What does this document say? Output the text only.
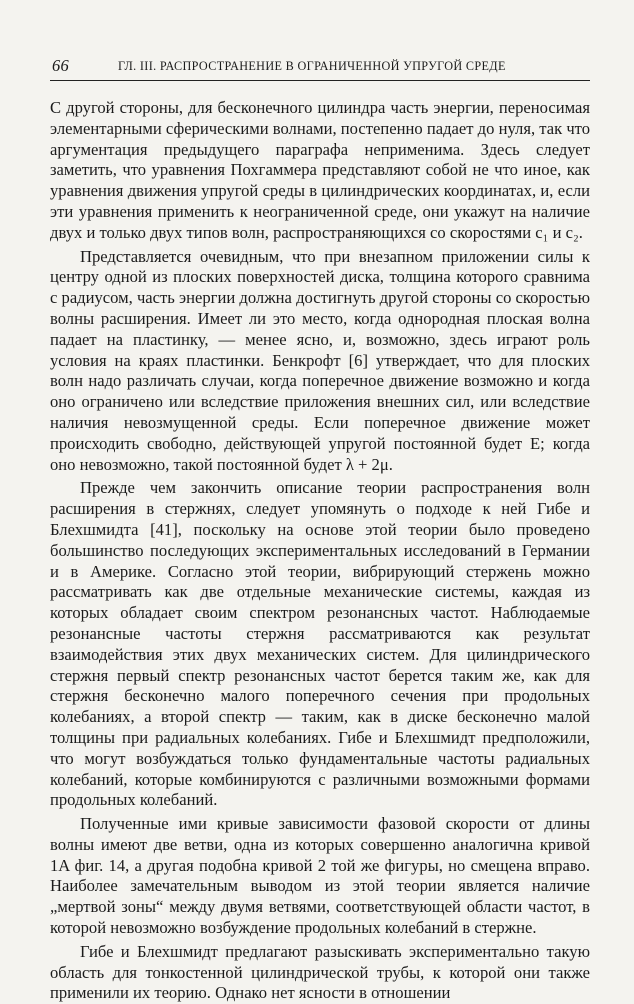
66	ГЛ. III. РАСПРОСТРАНЕНИЕ В ОГРАНИЧЕННОЙ УПРУГОЙ СРЕДЕ

С другой стороны, для бесконечного цилиндра часть энергии, переносимая элементарными сферическими волнами, постепенно падает до нуля, так что аргументация предыдущего параграфа неприменима. Здесь следует заметить, что уравнения Похгаммера представляют собой не что иное, как уравнения движения упругой среды в цилиндрических координатах, и, если эти уравнения применить к неограниченной среде, они укажут на наличие двух и только двух типов волн, распространяющихся со скоростями c₁ и c₂.

Представляется очевидным, что при внезапном приложении силы к центру одной из плоских поверхностей диска, толщина которого сравнима с радиусом, часть энергии должна достигнуть другой стороны со скоростью волны расширения. Имеет ли это место, когда однородная плоская волна падает на пластинку, — менее ясно, и, возможно, здесь играют роль условия на краях пластинки. Бенкрофт [6] утверждает, что для плоских волн надо различать случаи, когда поперечное движение возможно и когда оно ограничено или вследствие приложения внешних сил, или вследствие наличия невозмущенной среды. Если поперечное движение может происходить свободно, действующей упругой постоянной будет E; когда оно невозможно, такой постоянной будет λ + 2μ.

Прежде чем закончить описание теории распространения волн расширения в стержнях, следует упомянуть о подходе к ней Гибе и Блехшмидта [41], поскольку на основе этой теории было проведено большинство последующих экспериментальных исследований в Германии и в Америке. Согласно этой теории, вибрирующий стержень можно рассматривать как две отдельные механические системы, каждая из которых обладает своим спектром резонансных частот. Наблюдаемые резонансные частоты стержня рассматриваются как результат взаимодействия этих двух механических систем. Для цилиндрического стержня первый спектр резонансных частот берется таким же, как для стержня бесконечно малого поперечного сечения при продольных колебаниях, а второй спектр — таким, как в диске бесконечно малой толщины при радиальных колебаниях. Гибе и Блехшмидт предположили, что могут возбуждаться только фундаментальные частоты радиальных колебаний, которые комбинируются с различными возможными формами продольных колебаний.

Полученные ими кривые зависимости фазовой скорости от длины волны имеют две ветви, одна из которых совершенно аналогична кривой 1A фиг. 14, а другая подобна кривой 2 той же фигуры, но смещена вправо. Наиболее замечательным выводом из этой теории является наличие „мертвой зоны“ между двумя ветвями, соответствующей области частот, в которой невозможно возбуждение продольных колебаний в стержне.

Гибе и Блехшмидт предлагают разыскивать экспериментально такую область для тонкостенной цилиндрической трубы, к которой они также применили их теорию. Однако нет ясности в отношении
